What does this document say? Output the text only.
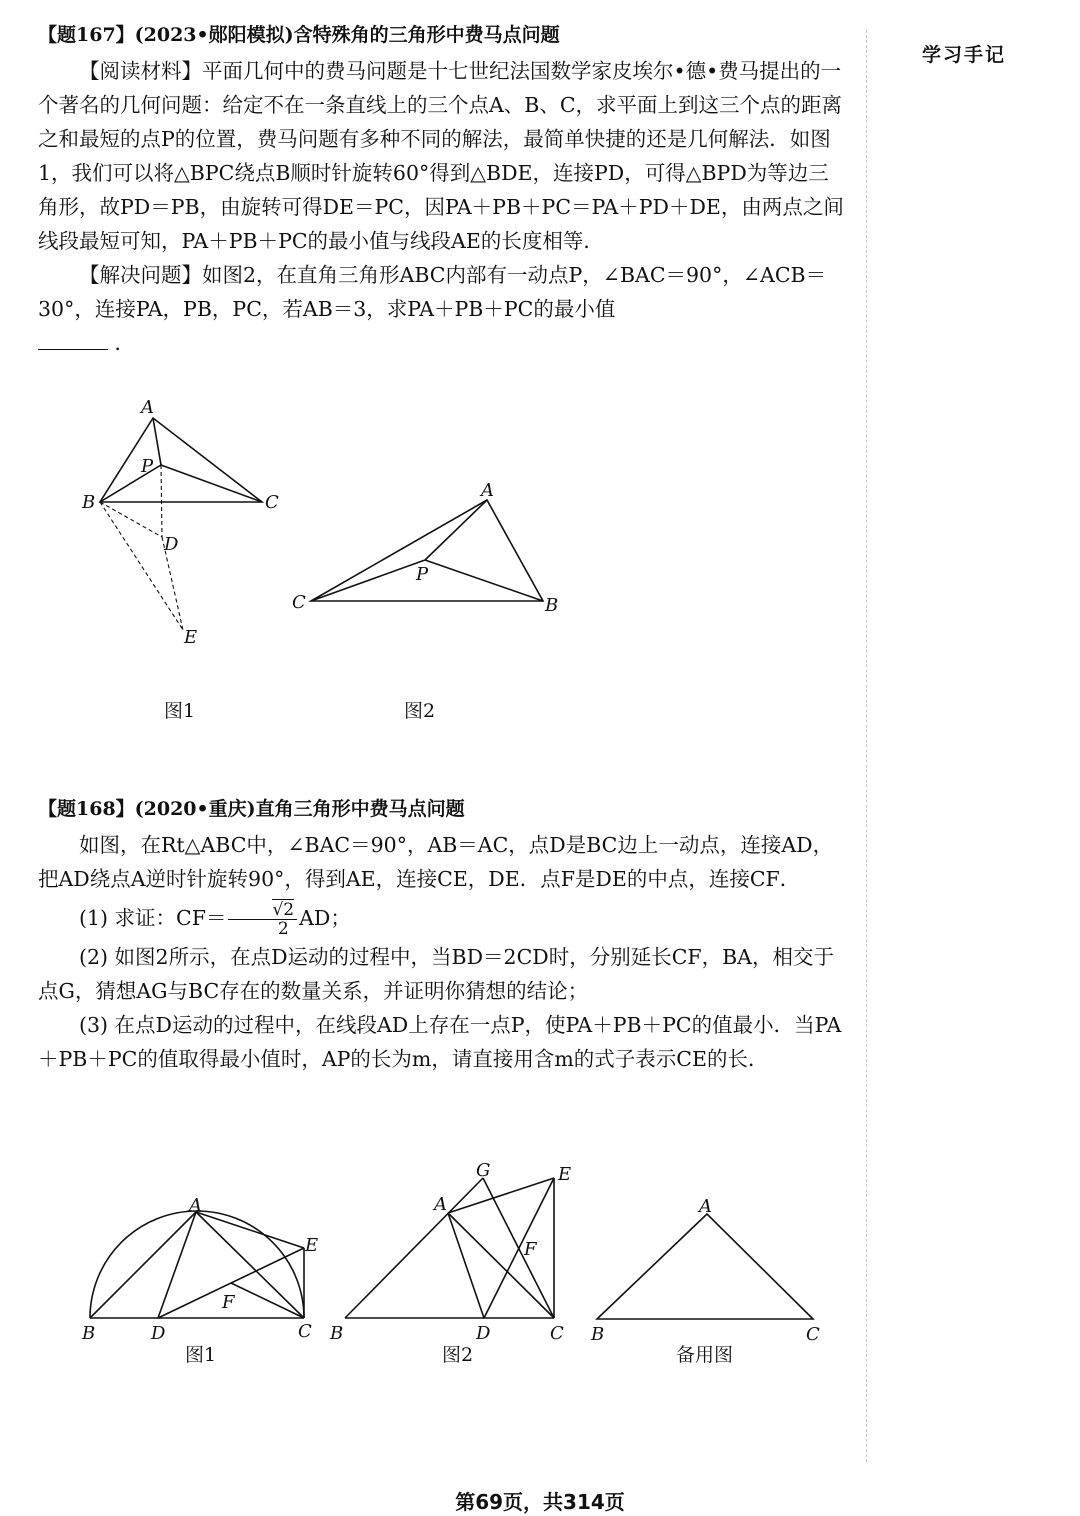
学习手记
【题167】(2023•郧阳模拟)含特殊角的三角形中费马点问题

【阅读材料】平面几何中的费马问题是十七世纪法国数学家皮埃尔•德•费马提出的一个著名的几何问题：给定不在一条直线上的三个点A、B、C，求平面上到这三个点的距离之和最短的点P的位置，费马问题有多种不同的解法，最简单快捷的还是几何解法．如图1，我们可以将△BPC绕点B顺时针旋转60°得到△BDE，连接PD，可得△BPD为等边三角形，故PD＝PB，由旋转可得DE＝PC，因PA＋PB＋PC＝PA＋PD＋DE，由两点之间线段最短可知，PA＋PB＋PC的最小值与线段AE的长度相等．

【解决问题】如图2，在直角三角形ABC内部有一动点P，∠BAC＝90°，∠ACB＝30°，连接PA，PB，PC，若AB＝3，求PA＋PB＋PC的最小值

．

【题168】(2020•重庆)直角三角形中费马点问题

如图，在Rt△ABC中，∠BAC＝90°，AB＝AC，点D是BC边上一动点，连接AD，把AD绕点A逆时针旋转90°，得到AE，连接CE，DE．点F是DE的中点，连接CF．

(1) 求证：$CF= \frac{√2}{2}$ AD；

(2) 如图2所示，在点D运动的过程中，当BD＝2CD时，分别延长CF，BA，相交于点G，猜想AG与BC存在的数量关系，并证明你猜想的结论；

(3) 在点D运动的过程中，在线段AD上存在一点P，使PA＋PB＋PC的值最小．当PA＋PB＋PC的值取得最小值时，AP的长为m，请直接用含m的式子表示CE的长．

A
P
B	C
D
E
A
P
C	B
A
E
F
B	D	C
G	E
A
F
B	D	C
A
B	C
图1	图2
图1	图2	备用图
第69页，共314页
